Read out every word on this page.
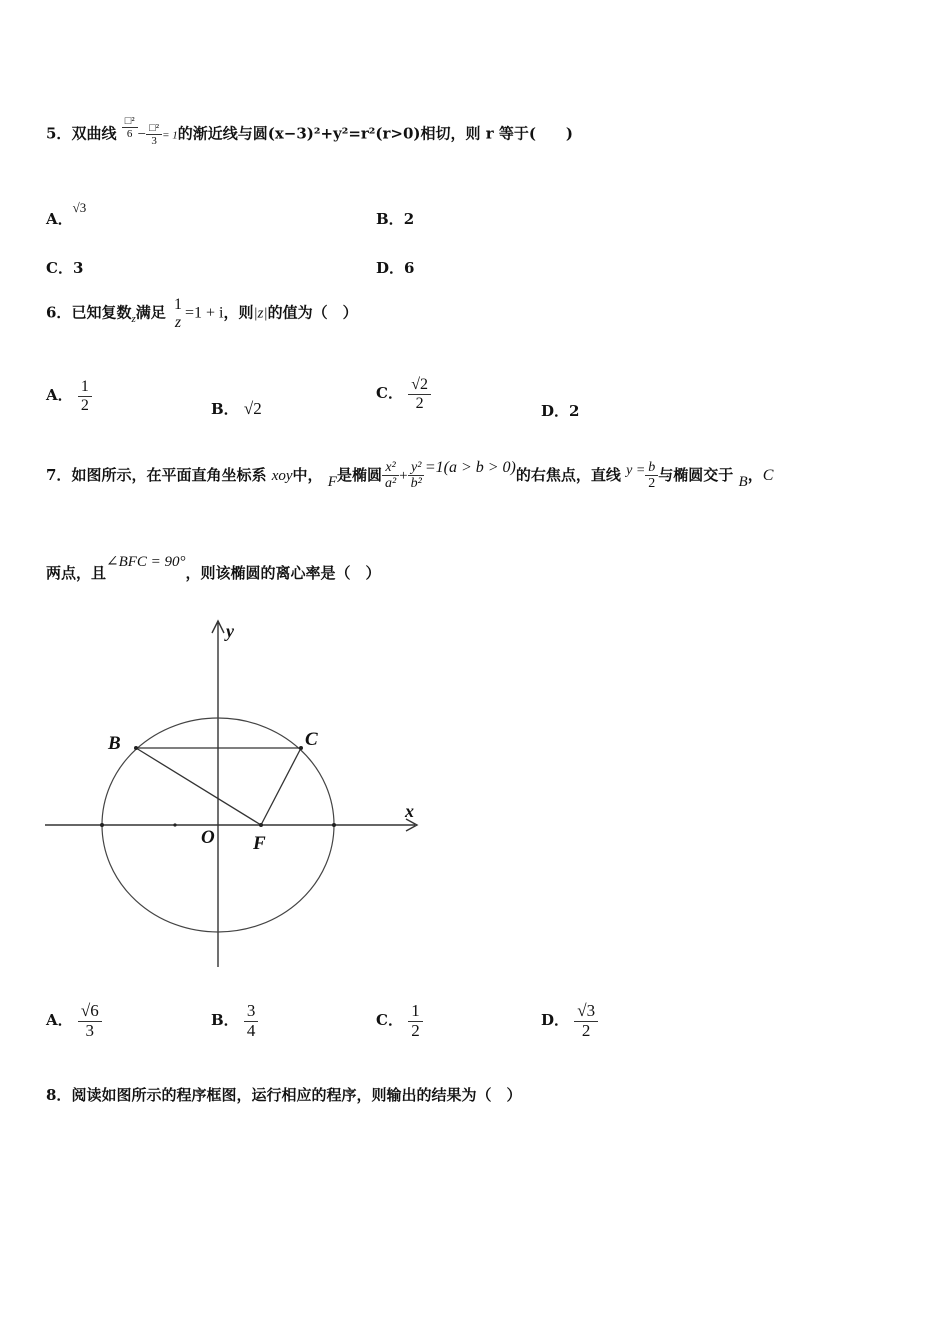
5．双曲线 $\frac{\text{□²}}{6} - \frac{\text{□²}}{3} = 1$的渐近线与圆(x−3)²+y²=r²(r>0)相切，则 r 等于(　　)
A．√3
B．2
C．3	D．6
6．已知复数$_z$满足 1
z
=1 + i，则|z|的值为（　）
A． $\frac{1}{2}$	B． √2
C． $\frac{√2}{2}$	D．2
7．如图所示，在平面直角坐标系 xoy中， F是椭圆 $\frac{\text{x²}}{\text{a²}} + \frac{\text{y²}}{\text{b²}} =1(a > b > 0)$的右焦点，直线 $y = \frac{b}{2}$ 与椭圆交于 B，C
两点，且∠BFC = 90°，则该椭圆的离心率是（　）
y
x
B	C
O F
A． $\frac{√6}{3}$	B． $\frac{3}{4}$	C． $\frac{1}{2}$	D． $\frac{√3}{2}$
8．阅读如图所示的程序框图，运行相应的程序，则输出的结果为（　）
